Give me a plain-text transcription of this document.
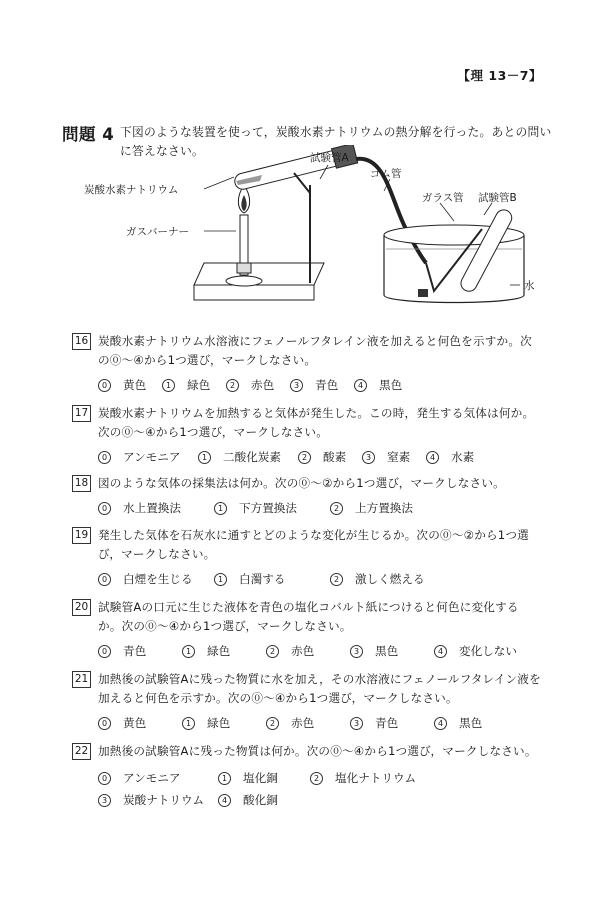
【理 13－7】
問題 4 下図のような装置を使って，炭酸水素ナトリウムの熱分解を行った。あとの問いに答えなさい。
炭酸水素ナトリウム
試験管A
ゴム管
ガラス管 試験管B
ガスバーナー
水
16 炭酸水素ナトリウム水溶液にフェノールフタレイン液を加えると何色を示すか。次の⓪～④から1つ選び，マークしなさい。
0	黄色	1	緑色	2	赤色	3	青色	4	黒色
17 炭酸水素ナトリウムを加熱すると気体が発生した。この時，発生する気体は何か。次の⓪～④から1つ選び，マークしなさい。
0	アンモニア	1	二酸化炭素	2	酸素	3	窒素	4	水素
18 図のような気体の採集法は何か。次の⓪～②から1つ選び，マークしなさい。
0	水上置換法	1	下方置換法	2	上方置換法
19 発生した気体を石灰水に通すとどのような変化が生じるか。次の⓪～②から1つ選び，マークしなさい。
0	白煙を生じる	1	白濁する	2	激しく燃える
20 試験管Aの口元に生じた液体を青色の塩化コバルト紙につけると何色に変化するか。次の⓪～④から1つ選び，マークしなさい。
0	青色	1	緑色	2	赤色	3	黒色	4	変化しない
21 加熱後の試験管Aに残った物質に水を加え，その水溶液にフェノールフタレイン液を加えると何色を示すか。次の⓪～④から1つ選び，マークしなさい。
0	黄色	1	緑色	2	赤色	3	青色	4	黒色
22 加熱後の試験管Aに残った物質は何か。次の⓪～④から1つ選び，マークしなさい。
0	アンモニア	1	塩化銅	2	塩化ナトリウム
3	炭酸ナトリウム	4	酸化銅
